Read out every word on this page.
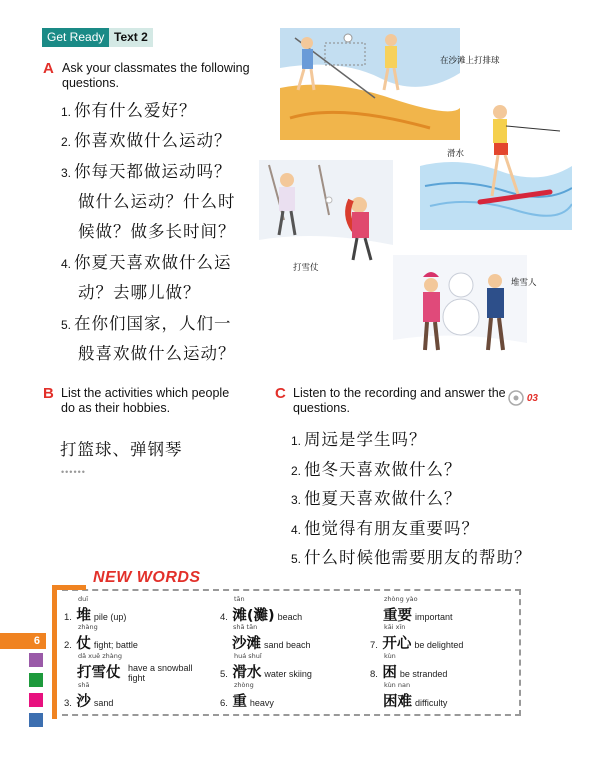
Get Ready Text 2
A Ask your classmates the following questions.
1. 你有什么爱好？
2. 你喜欢做什么运动？
3. 你每天都做运动吗？
做什么运动？什么时
候做？做多长时间？
4. 你夏天喜欢做什么运
动？去哪儿做？
5. 在你们国家，人们一
般喜欢做什么运动？
在沙滩上打排球
滑水
打雪仗
堆雪人
B List the activities which people do as their hobbies.
打篮球、弹钢琴
••••••
C Listen to the recording and answer the questions.
03
1. 周远是学生吗？
2. 他冬天喜欢做什么？
3. 他夏天喜欢做什么？
4. 他觉得有朋友重要吗？
5. 什么时候他需要朋友的帮助？
NEW WORDS
duī
1. 堆 pile (up)
zhàng
2. 仗 fight; battle
dǎ xuě zhàng
打雪仗 have a snowball fight
shā
3. 沙 sand
tān
4. 滩(灘) beach
shā tān
沙滩 sand beach
huá shuǐ
5. 滑水 water skiing
zhòng
6. 重 heavy
zhòng yào
重要 important
kāi xīn
7. 开心 be delighted
kùn
8. 困 be stranded
kùn nan
困难 difficulty
6
